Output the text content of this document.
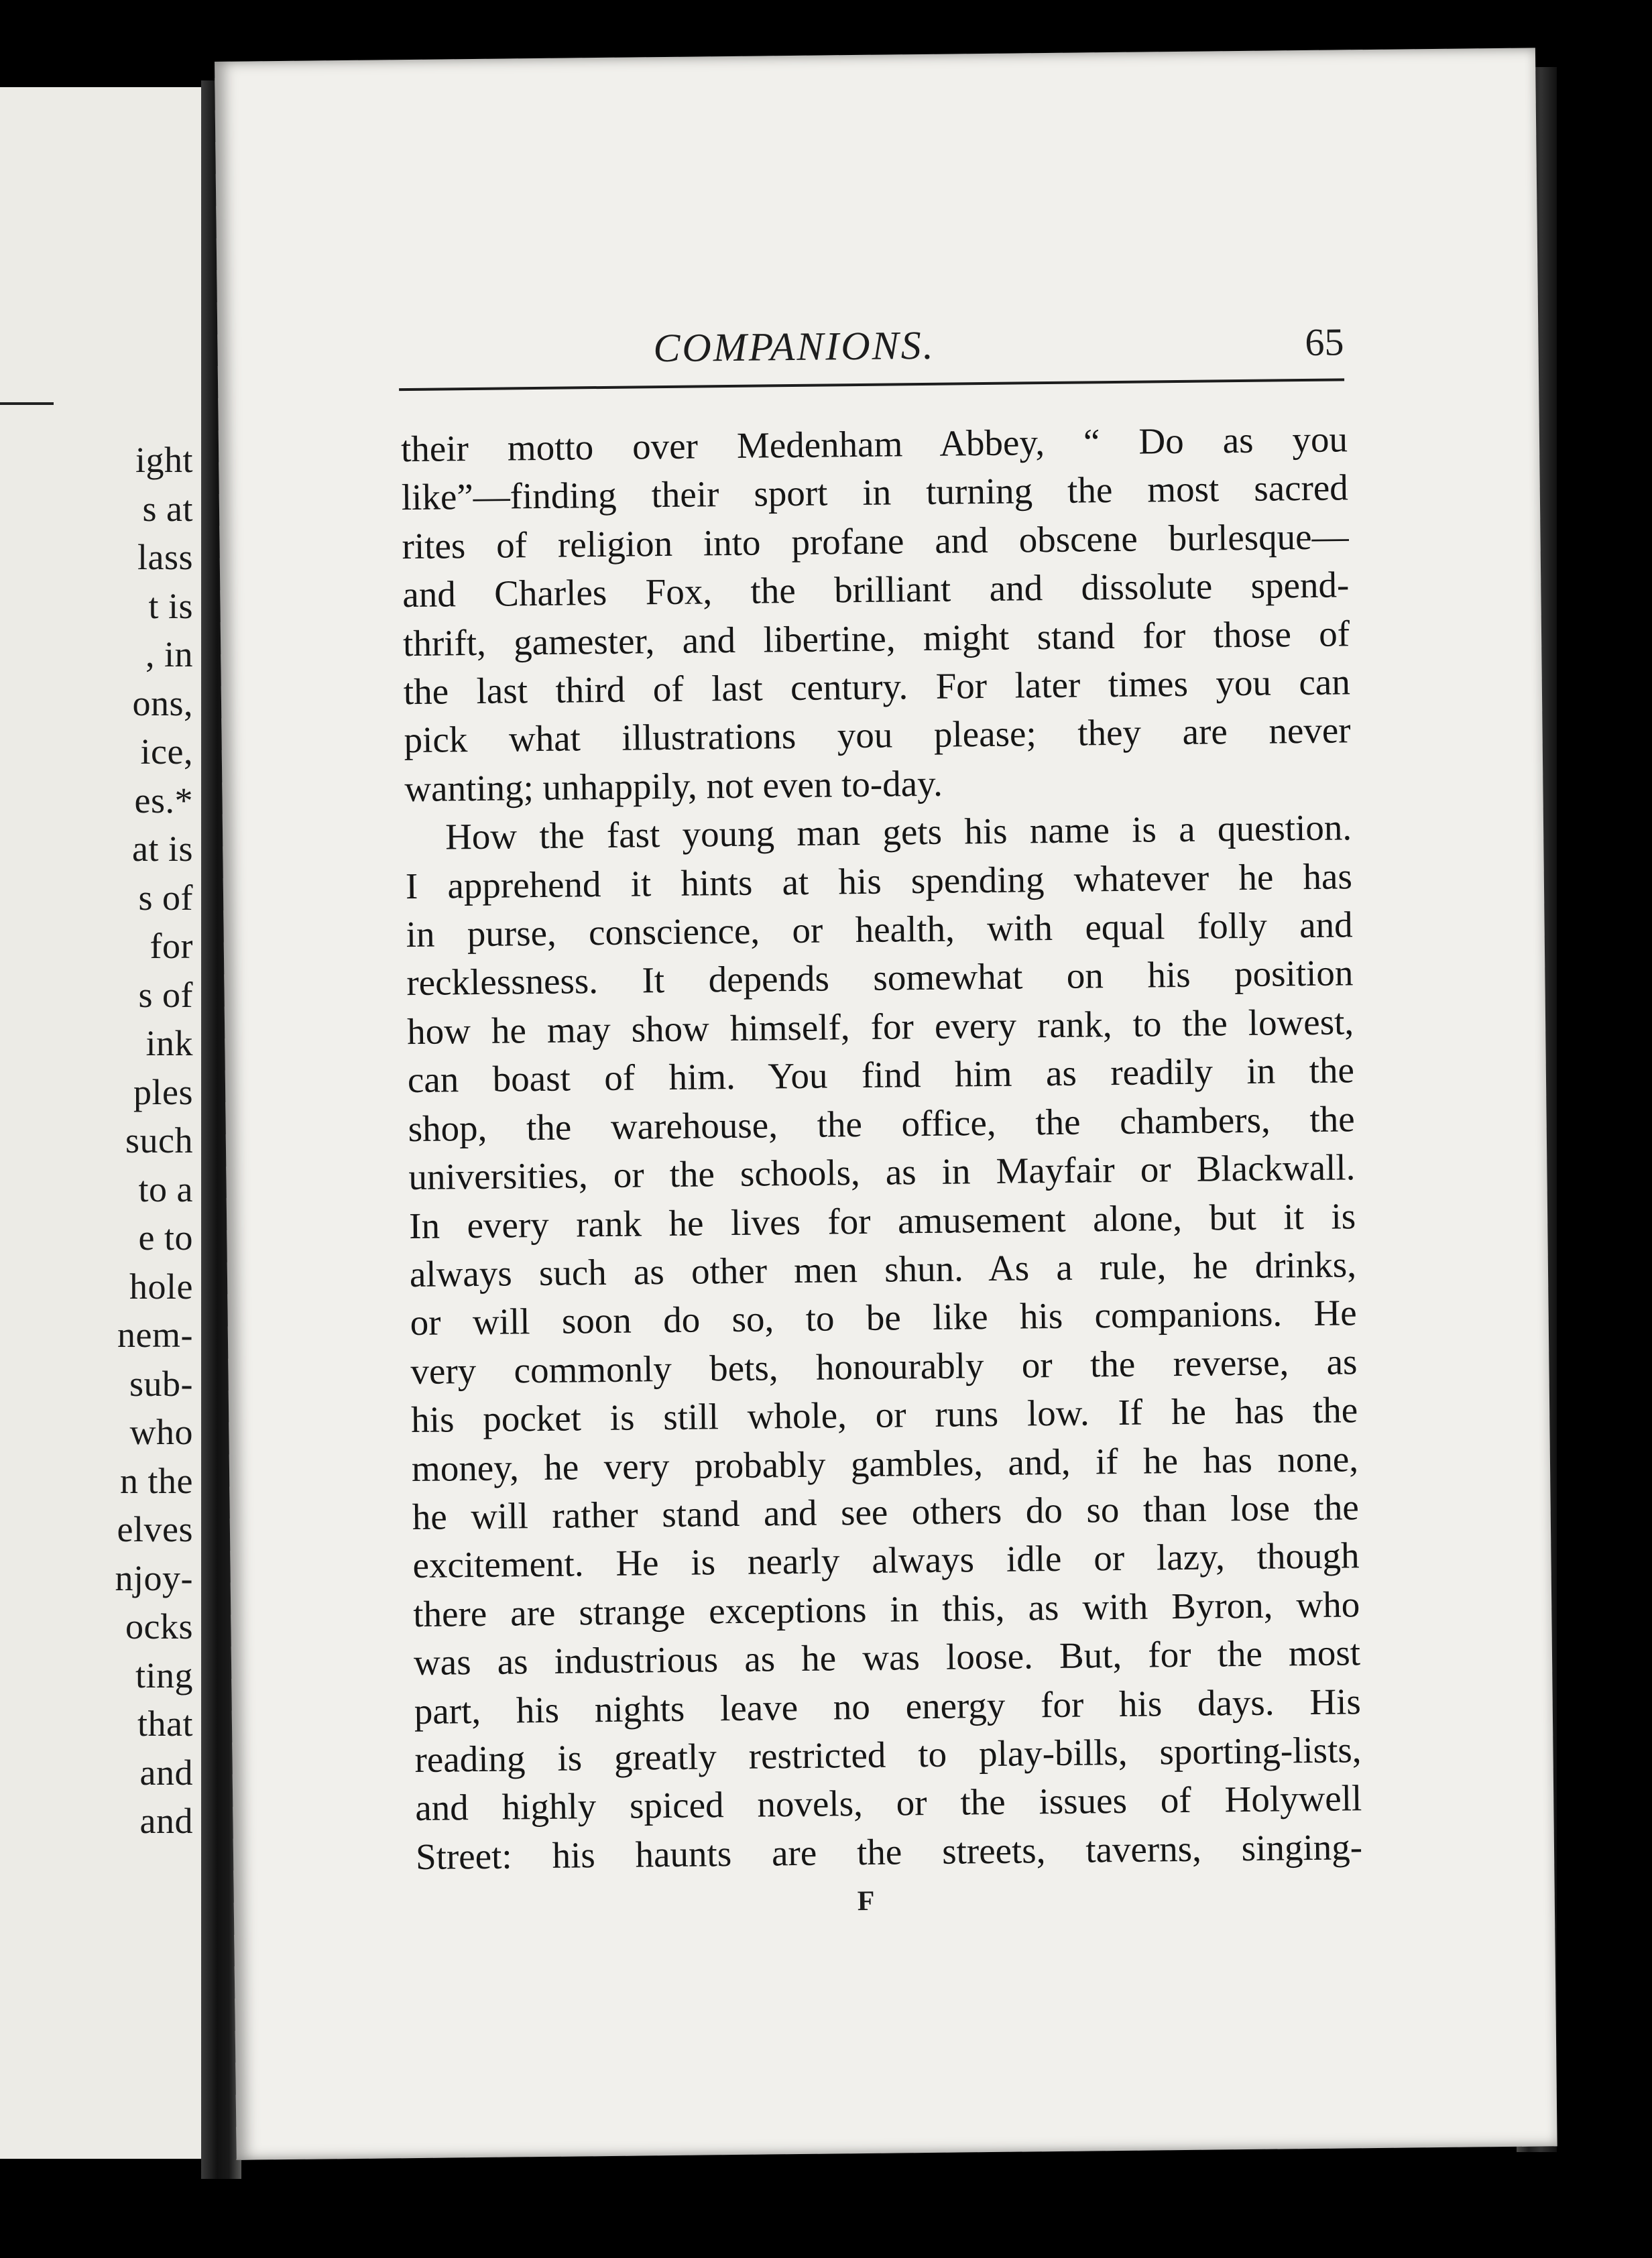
ight
s at
lass
t is
, in
ons,
ice,
es.*
at is
s of
for
s of
ink
ples
such
to a
e to
hole
nem-
sub-
who
n the
elves
njoy-
ocks
ting
that
and
and
COMPANIONS.	65
their motto over Medenham Abbey, “ Do as you
like”—finding their sport in turning the most sacred
rites of religion into profane and obscene burlesque—
and Charles Fox, the brilliant and dissolute spend-
thrift, gamester, and libertine, might stand for those of
the last third of last century. For later times you can
pick what illustrations you please; they are never
wanting; unhappily, not even to-day.
How the fast young man gets his name is a question.
I apprehend it hints at his spending whatever he has
in purse, conscience, or health, with equal folly and
recklessness. It depends somewhat on his position
how he may show himself, for every rank, to the lowest,
can boast of him. You find him as readily in the
shop, the warehouse, the office, the chambers, the
universities, or the schools, as in Mayfair or Blackwall.
In every rank he lives for amusement alone, but it is
always such as other men shun. As a rule, he drinks,
or will soon do so, to be like his companions. He
very commonly bets, honourably or the reverse, as
his pocket is still whole, or runs low. If he has the
money, he very probably gambles, and, if he has none,
he will rather stand and see others do so than lose the
excitement. He is nearly always idle or lazy, though
there are strange exceptions in this, as with Byron, who
was as industrious as he was loose. But, for the most
part, his nights leave no energy for his days. His
reading is greatly restricted to play-bills, sporting-lists,
and highly spiced novels, or the issues of Holywell
Street: his haunts are the streets, taverns, singing-
F
